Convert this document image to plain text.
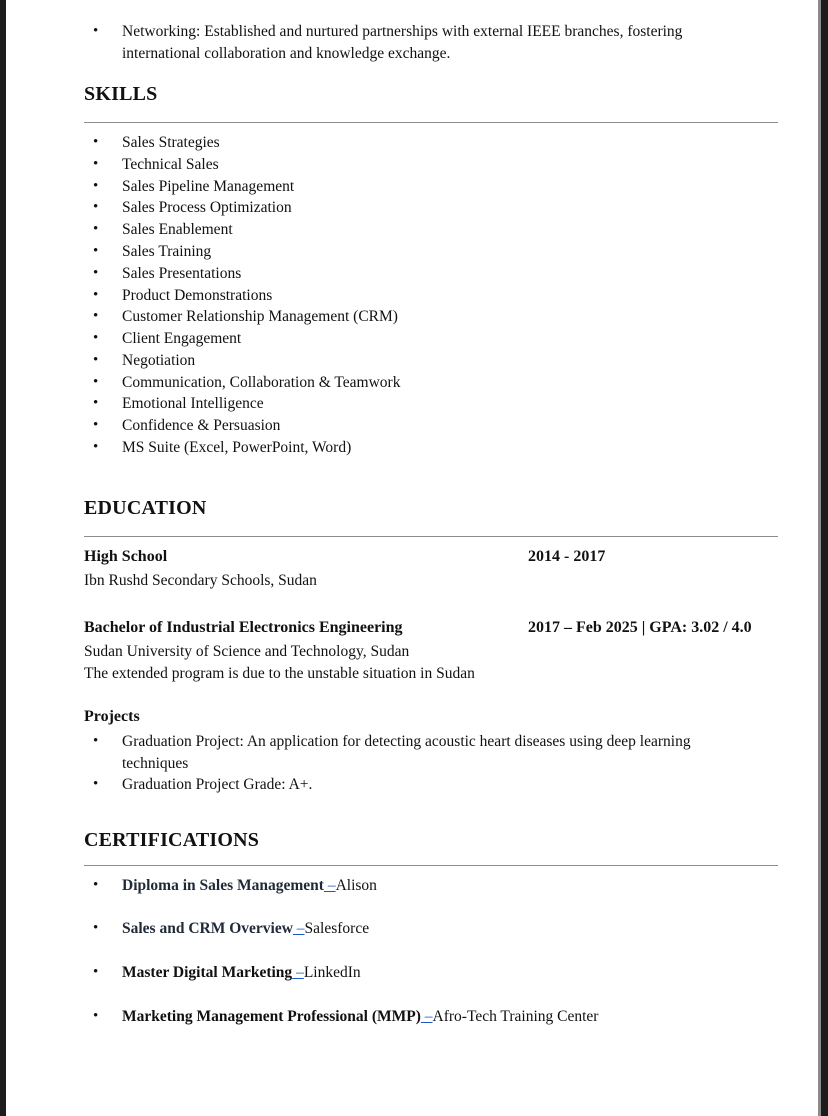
• Networking: Established and nurtured partnerships with external IEEE branches, fostering
international collaboration and knowledge exchange.
SKILLS
• Sales Strategies
• Technical Sales
• Sales Pipeline Management
• Sales Process Optimization
• Sales Enablement
• Sales Training
• Sales Presentations
• Product Demonstrations
• Customer Relationship Management (CRM)
• Client Engagement
• Negotiation
• Communication, Collaboration & Teamwork
• Emotional Intelligence
• Confidence & Persuasion
• MS Suite (Excel, PowerPoint, Word)
EDUCATION
High School	2014 - 2017
Ibn Rushd Secondary Schools, Sudan
Bachelor of Industrial Electronics Engineering	2017 – Feb 2025 | GPA: 3.02 / 4.0
Sudan University of Science and Technology, Sudan
The extended program is due to the unstable situation in Sudan
Projects
• Graduation Project: An application for detecting acoustic heart diseases using deep learning
techniques
• Graduation Project Grade: A+.
CERTIFICATIONS
• Diploma in Sales Management –Alison
• Sales and CRM Overview –Salesforce
• Master Digital Marketing –LinkedIn
• Marketing Management Professional (MMP) –Afro-Tech Training Center
